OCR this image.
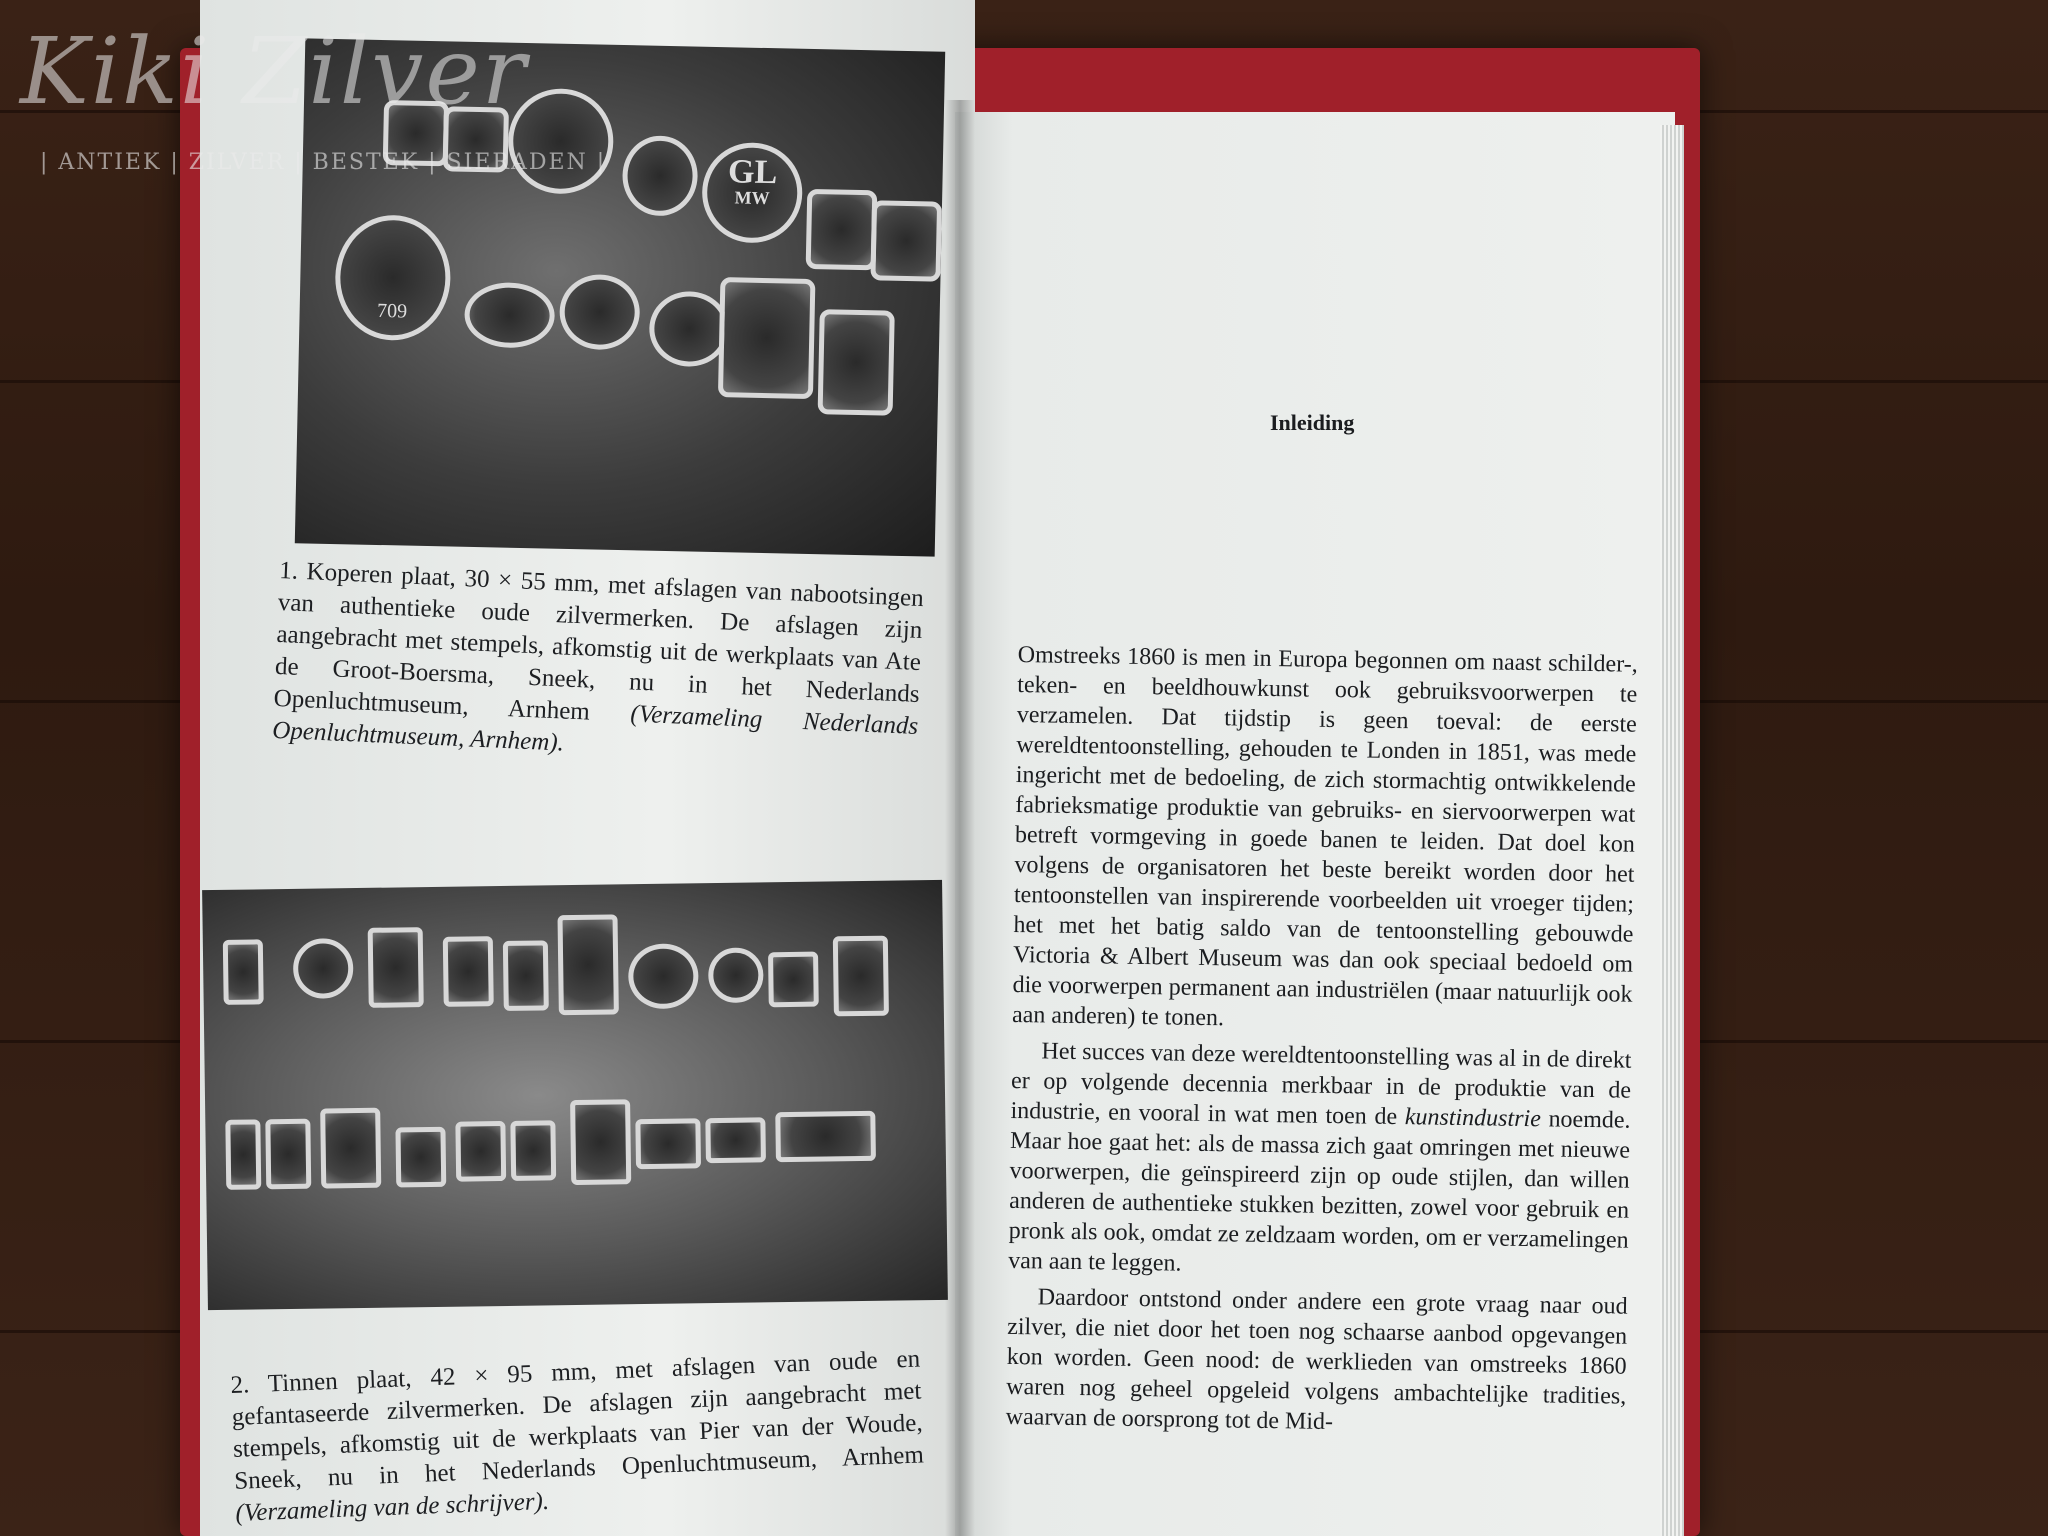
GL
MW
709
1. Koperen plaat, 30 × 55 mm, met afslagen van nabootsingen van authentieke oude zilvermerken. De afslagen zijn aangebracht met stempels, afkomstig uit de werkplaats van Ate de Groot-Boersma, Sneek, nu in het Nederlands Openluchtmuseum, Arnhem (Verzameling Nederlands Openluchtmuseum, Arnhem).
2. Tinnen plaat, 42 × 95 mm, met afslagen van oude en gefantaseerde zilvermerken. De afslagen zijn aangebracht met stempels, afkomstig uit de werkplaats van Pier van der Woude, Sneek, nu in het Nederlands Openluchtmuseum, Arnhem (Verzameling van de schrijver).
Inleiding

Omstreeks 1860 is men in Europa begonnen om naast schilder-, teken- en beeldhouwkunst ook gebruiksvoorwerpen te verzamelen. Dat tijdstip is geen toeval: de eerste wereldtentoonstelling, gehouden te Londen in 1851, was mede ingericht met de bedoeling, de zich stormachtig ontwikkelende fabrieksmatige produktie van gebruiks- en siervoorwerpen wat betreft vormgeving in goede banen te leiden. Dat doel kon volgens de organisatoren het beste bereikt worden door het tentoonstellen van inspirerende voorbeelden uit vroeger tijden; het met het batig saldo van de tentoonstelling gebouwde Victoria & Albert Museum was dan ook speciaal bedoeld om die voorwerpen permanent aan industriëlen (maar natuurlijk ook aan anderen) te tonen.

Het succes van deze wereldtentoonstelling was al in de direkt er op volgende decennia merkbaar in de produktie van de industrie, en vooral in wat men toen de kunstindustrie noemde. Maar hoe gaat het: als de massa zich gaat omringen met nieuwe voorwerpen, die geïnspireerd zijn op oude stijlen, dan willen anderen de authentieke stukken bezitten, zowel voor gebruik en pronk als ook, omdat ze zeldzaam worden, om er verzamelingen van aan te leggen.

Daardoor ontstond onder andere een grote vraag naar oud zilver, die niet door het toen nog schaarse aanbod opgevangen kon worden. Geen nood: de werklieden van omstreeks 1860 waren nog geheel opgeleid volgens ambachtelijke tradities, waarvan de oorsprong tot de Mid-

Kiki Zilver
| ANTIEK | ZILVER | BESTEK | SIERADEN |
